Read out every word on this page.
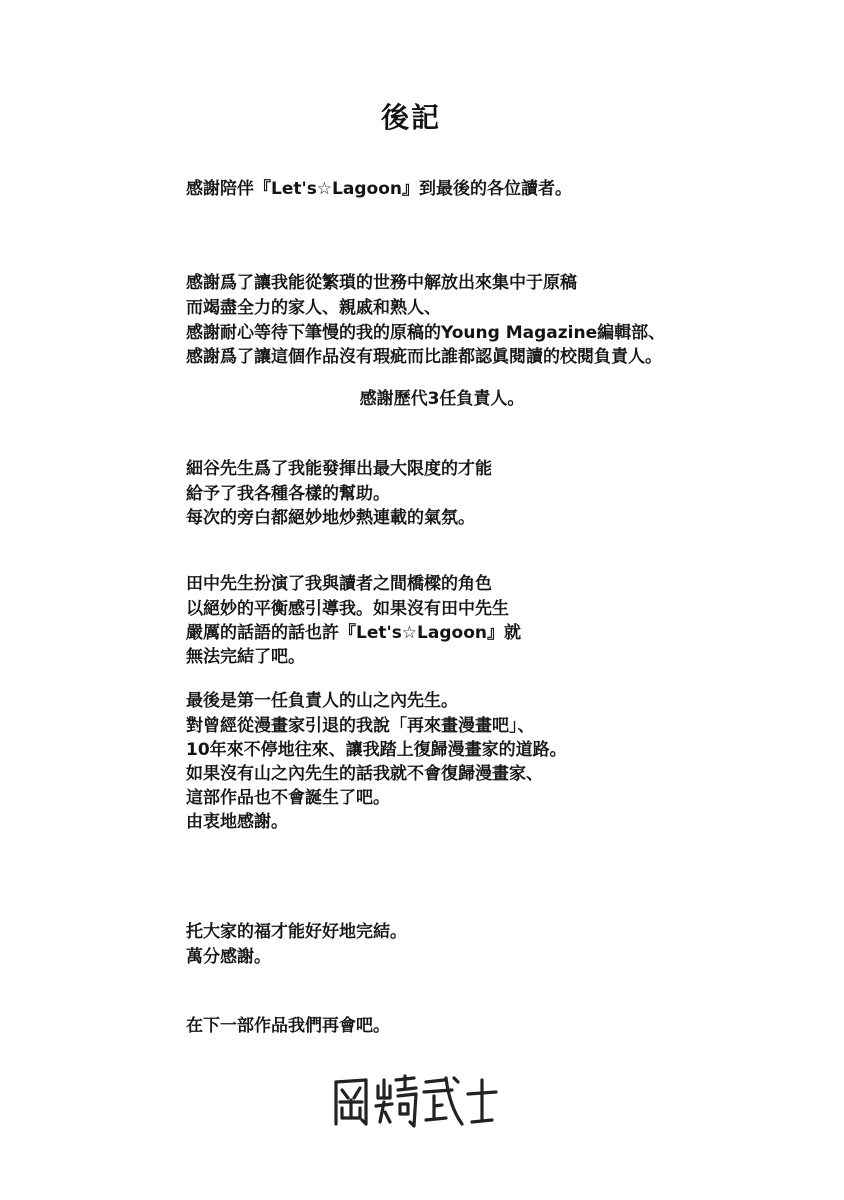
後記
感謝陪伴『Let's☆Lagoon』到最後的各位讀者。
感謝爲了讓我能從繁瑣的世務中解放出來集中于原稿
而竭盡全力的家人、親戚和熟人、
感謝耐心等待下筆慢的我的原稿的Young Magazine編輯部、
感謝爲了讓這個作品沒有瑕疵而比誰都認眞閱讀的校閱負責人。
感謝歷代3任負責人。
細谷先生爲了我能發揮出最大限度的才能
給予了我各種各樣的幫助。
每次的旁白都絕妙地炒熱連載的氣氛。
田中先生扮演了我與讀者之間橋樑的角色
以絕妙的平衡感引導我。如果沒有田中先生
嚴厲的話語的話也許『Let's☆Lagoon』就
無法完結了吧。
最後是第一任負責人的山之內先生。
對曾經從漫畫家引退的我說「再來畫漫畫吧」、
10年來不停地往來、讓我踏上復歸漫畫家的道路。
如果沒有山之內先生的話我就不會復歸漫畫家、
這部作品也不會誕生了吧。
由衷地感謝。
托大家的福才能好好地完結。
萬分感謝。
在下一部作品我們再會吧。
